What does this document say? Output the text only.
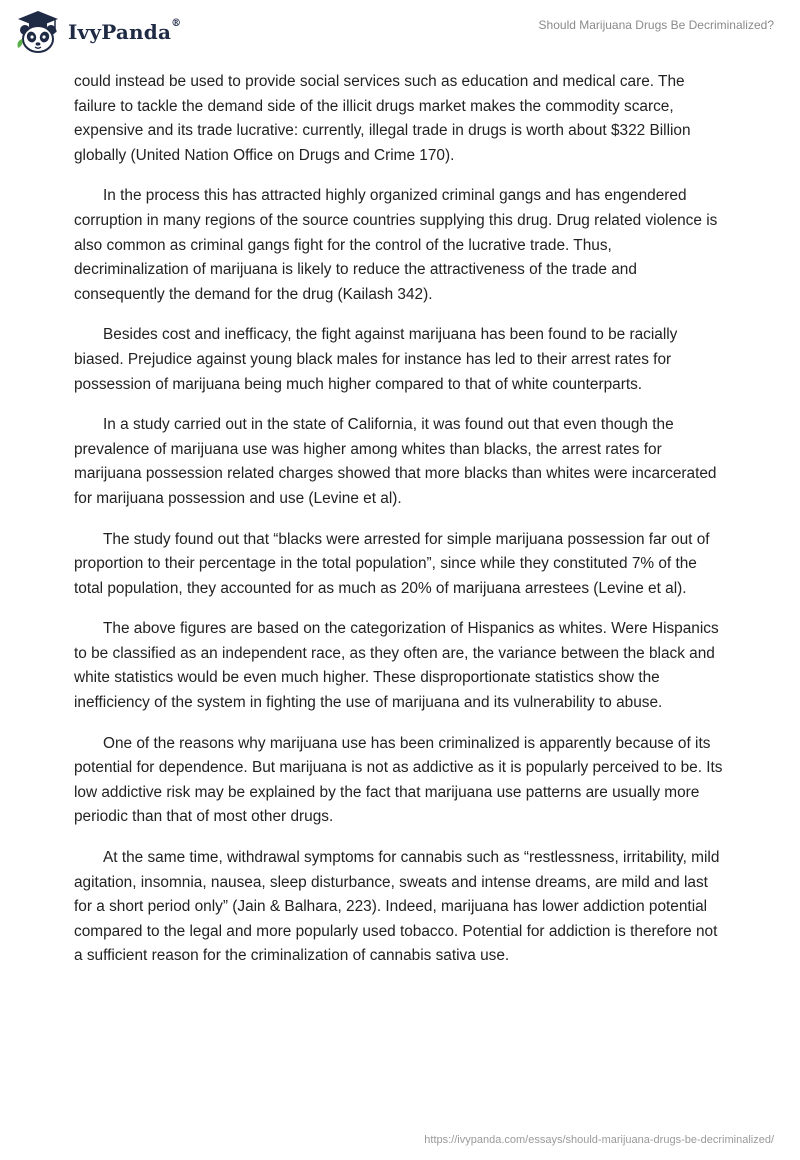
IvyPanda®	Should Marijuana Drugs Be Decriminalized?

could instead be used to provide social services such as education and medical care. The failure to tackle the demand side of the illicit drugs market makes the commodity scarce, expensive and its trade lucrative: currently, illegal trade in drugs is worth about $322 Billion globally (United Nation Office on Drugs and Crime 170).

In the process this has attracted highly organized criminal gangs and has engendered corruption in many regions of the source countries supplying this drug. Drug related violence is also common as criminal gangs fight for the control of the lucrative trade. Thus, decriminalization of marijuana is likely to reduce the attractiveness of the trade and consequently the demand for the drug (Kailash 342).

Besides cost and inefficacy, the fight against marijuana has been found to be racially biased. Prejudice against young black males for instance has led to their arrest rates for possession of marijuana being much higher compared to that of white counterparts.

In a study carried out in the state of California, it was found out that even though the prevalence of marijuana use was higher among whites than blacks, the arrest rates for marijuana possession related charges showed that more blacks than whites were incarcerated for marijuana possession and use (Levine et al).

The study found out that “blacks were arrested for simple marijuana possession far out of proportion to their percentage in the total population”, since while they constituted 7% of the total population, they accounted for as much as 20% of marijuana arrestees (Levine et al).

The above figures are based on the categorization of Hispanics as whites. Were Hispanics to be classified as an independent race, as they often are, the variance between the black and white statistics would be even much higher. These disproportionate statistics show the inefficiency of the system in fighting the use of marijuana and its vulnerability to abuse.

One of the reasons why marijuana use has been criminalized is apparently because of its potential for dependence. But marijuana is not as addictive as it is popularly perceived to be. Its low addictive risk may be explained by the fact that marijuana use patterns are usually more periodic than that of most other drugs.

At the same time, withdrawal symptoms for cannabis such as “restlessness, irritability, mild agitation, insomnia, nausea, sleep disturbance, sweats and intense dreams, are mild and last for a short period only” (Jain & Balhara, 223). Indeed, marijuana has lower addiction potential compared to the legal and more popularly used tobacco. Potential for addiction is therefore not a sufficient reason for the criminalization of cannabis sativa use.

https://ivypanda.com/essays/should-marijuana-drugs-be-decriminalized/
